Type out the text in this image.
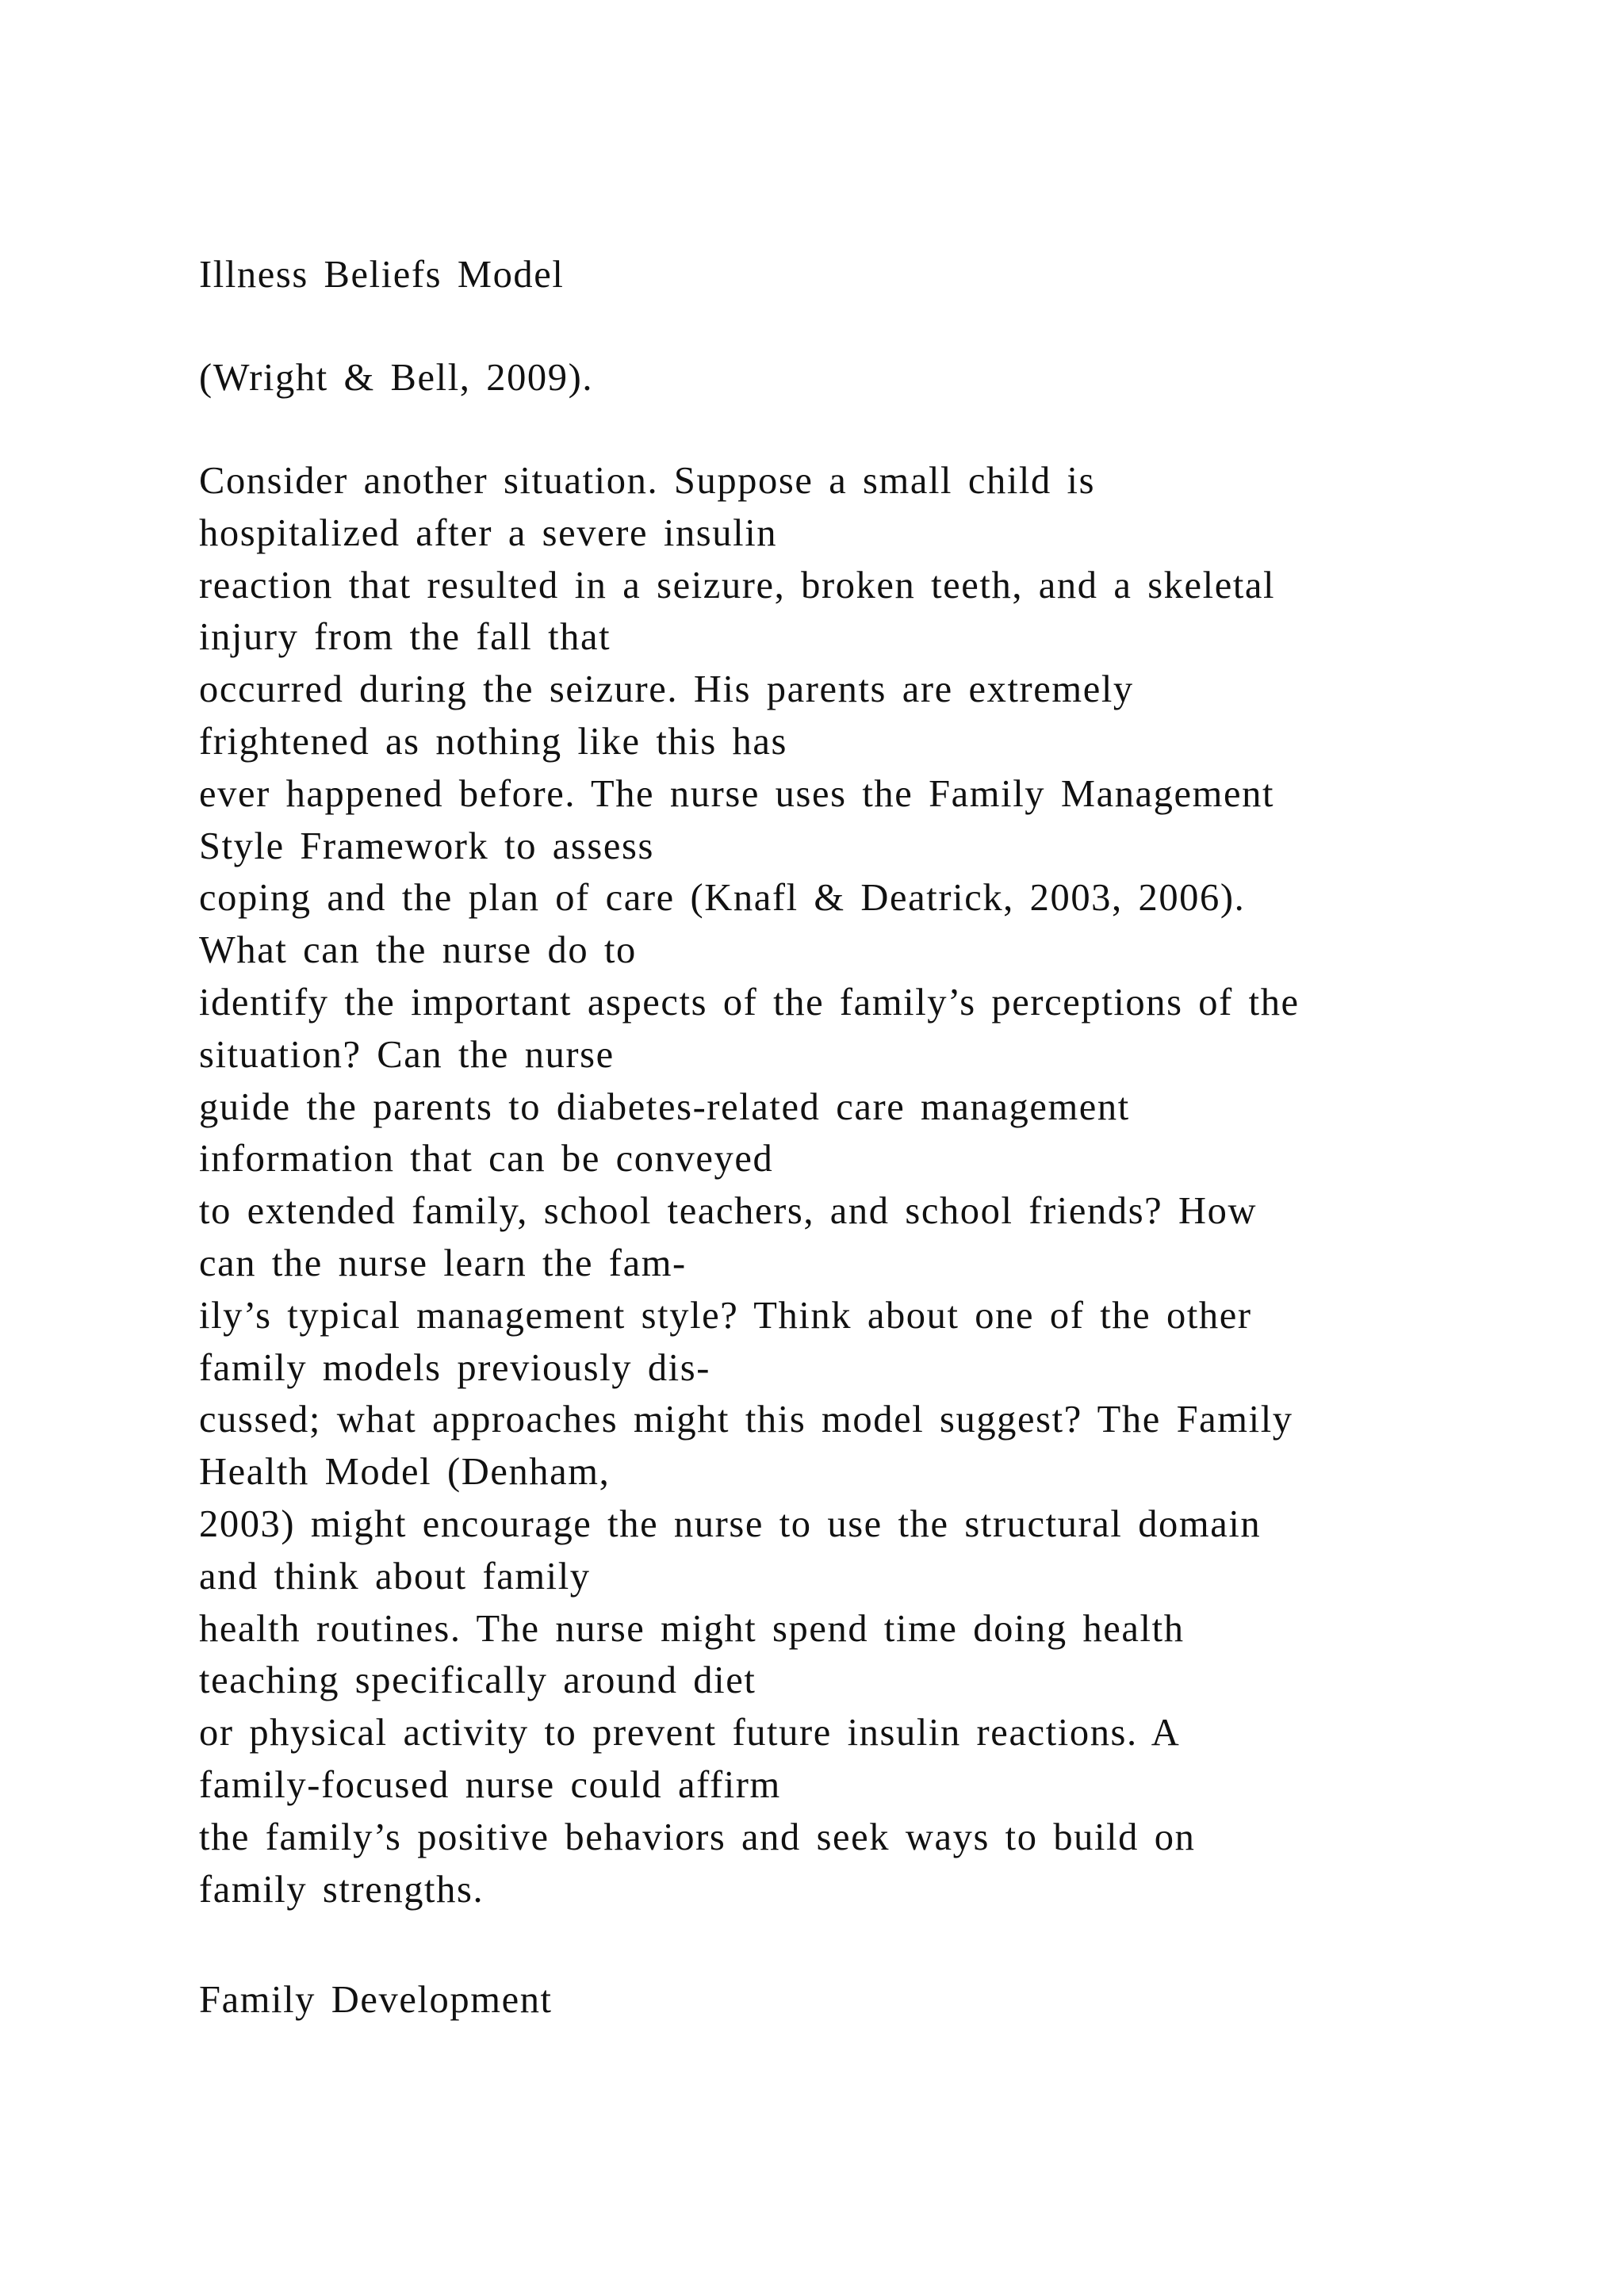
Illness Beliefs Model
(Wright & Bell, 2009).
Consider another situation. Suppose a small child is
hospitalized after a severe insulin
reaction that resulted in a seizure, broken teeth, and a skeletal
injury from the fall that
occurred during the seizure. His parents are extremely
frightened as nothing like this has
ever happened before. The nurse uses the Family Management
Style Framework to assess
coping and the plan of care (Knafl & Deatrick, 2003, 2006).
What can the nurse do to
identify the important aspects of the family’s perceptions of the
situation? Can the nurse
guide the parents to diabetes-related care management
information that can be conveyed
to extended family, school teachers, and school friends? How
can the nurse learn the fam-
ily’s typical management style? Think about one of the other
family models previously dis-
cussed; what approaches might this model suggest? The Family
Health Model (Denham,
2003) might encourage the nurse to use the structural domain
and think about family
health routines. The nurse might spend time doing health
teaching specifically around diet
or physical activity to prevent future insulin reactions. A
family-focused nurse could affirm
the family’s positive behaviors and seek ways to build on
family strengths.
Family Development
